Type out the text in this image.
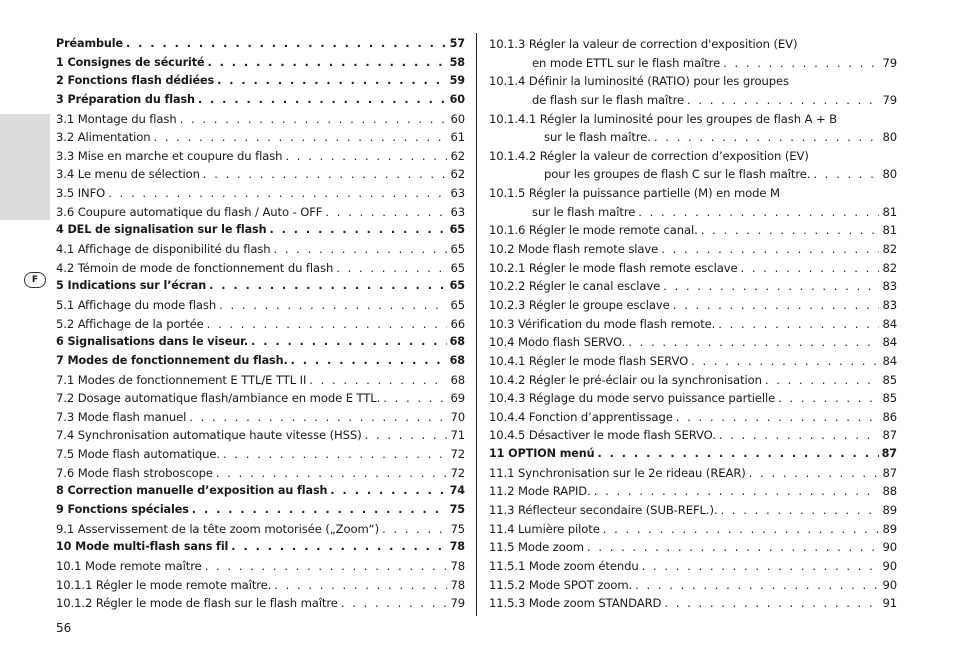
F
Préambule . . .	57
1 Consignes de sécurité . . .	58
2 Fonctions flash dédiées . . .	59
3 Préparation du flash . . .	60
3.1 Montage du flash . . .	60
3.2 Alimentation . . .	61
3.3 Mise en marche et coupure du flash . . .	62
3.4 Le menu de sélection . . .	62
3.5 INFO . . .	63
3.6 Coupure automatique du flash / Auto - OFF . . .	63
4 DEL de signalisation sur le flash . . .	65
4.1 Affichage de disponibilité du flash . . .	65
4.2 Témoin de mode de fonctionnement du flash . . .	65
5 Indications sur l’écran . . .	65
5.1 Affichage du mode flash . . .	65
5.2 Affichage de la portée . . .	66
6 Signalisations dans le viseur. . . .	68
7 Modes de fonctionnement du flash. . . .	68
7.1 Modes de fonctionnement E TTL/E TTL II . . .	68
7.2 Dosage automatique flash/ambiance en mode E TTL. . . .	69
7.3 Mode flash manuel . . .	70
7.4 Synchronisation automatique haute vitesse (HSS) . . .	71
7.5 Mode flash automatique. . . .	72
7.6 Mode flash stroboscope . . .	72
8 Correction manuelle d’exposition au flash . . .	74
9 Fonctions spéciales . . .	75
9.1 Asservissement de la tête zoom motorisée („Zoom“) . . .	75
10 Mode multi-flash sans fil . . .	78
10.1 Mode remote maître . . .	78
10.1.1 Régler le mode remote maître. . . .	78
10.1.2 Régler le mode de flash sur le flash maître . . .	79
10.1.3 Régler la valeur de correction d'exposition (EV)
en mode ETTL sur le flash maître . . .	79
10.1.4 Définir la luminosité (RATIO) pour les groupes
de flash sur le flash maître . . .	79
10.1.4.1 Régler la luminosité pour les groupes de flash A + B
sur le flash maître. . . .	80
10.1.4.2 Régler la valeur de correction d’exposition (EV)
pour les groupes de flash C sur le flash maître. . . .	80
10.1.5 Régler la puissance partielle (M) en mode M
sur le flash maître . . .	81
10.1.6 Régler le mode remote canal. . . .	81
10.2 Mode flash remote slave . . .	82
10.2.1 Régler le mode flash remote esclave . . .	82
10.2.2 Régler le canal esclave . . .	83
10.2.3 Régler le groupe esclave . . .	83
10.3 Vérification du mode flash remote. . . .	84
10.4 Modo flash SERVO. . . .	84
10.4.1 Régler le mode flash SERVO . . .	84
10.4.2 Régler le pré-éclair ou la synchronisation . . .	85
10.4.3 Réglage du mode servo puissance partielle . . .	85
10.4.4 Fonction d’apprentissage . . .	86
10.4.5 Désactiver le mode flash SERVO. . . .	87
11 OPTION menú . . .	87
11.1 Synchronisation sur le 2e rideau (REAR) . . .	87
11.2 Mode RAPID. . . .	88
11.3 Réflecteur secondaire (SUB-REFL.). . . .	89
11.4 Lumière pilote . . .	89
11.5 Mode zoom . . .	90
11.5.1 Mode zoom étendu . . .	90
11.5.2 Mode SPOT zoom. . . .	90
11.5.3 Mode zoom STANDARD . . .	91
56
